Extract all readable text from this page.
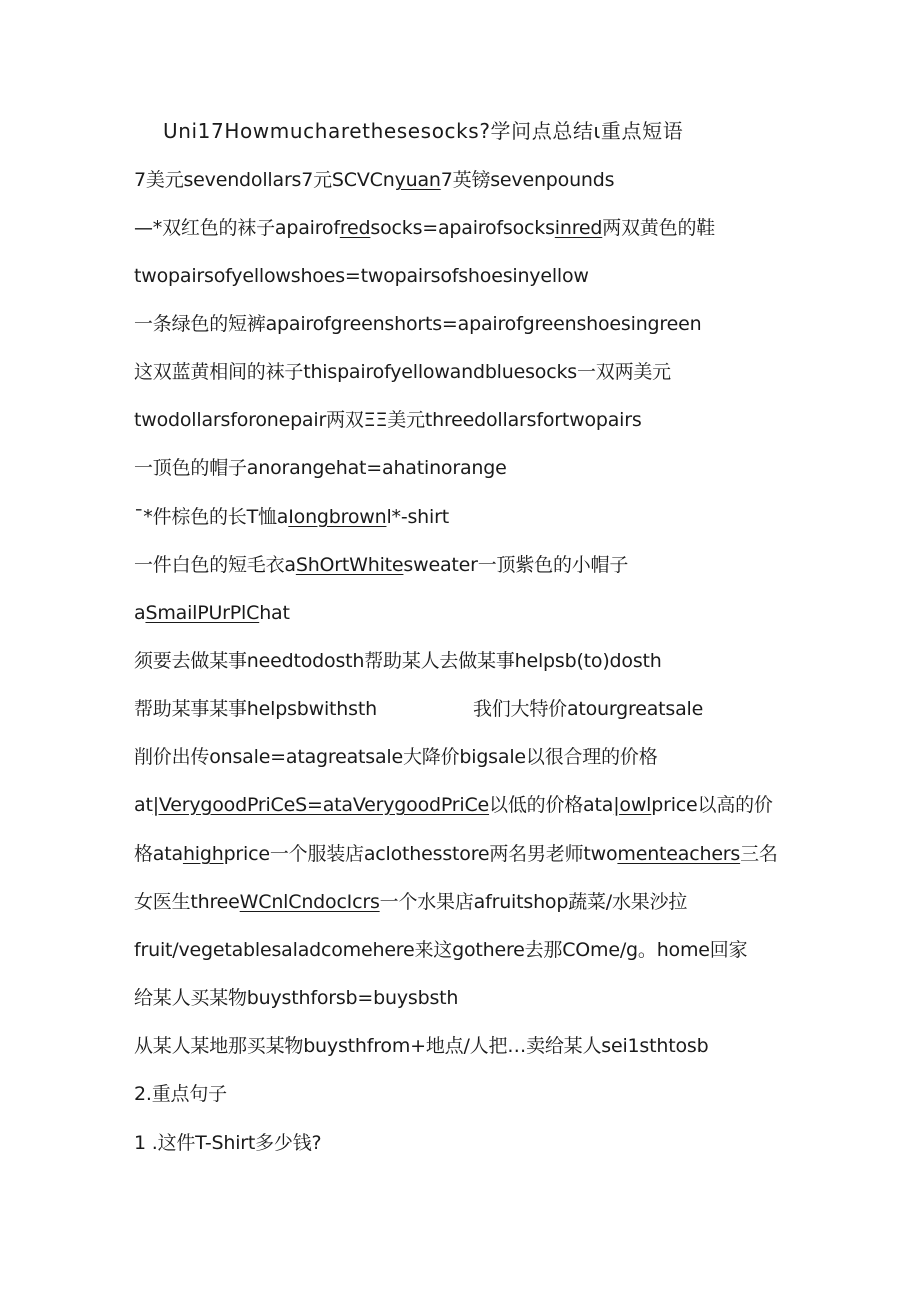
Uni17Howmucharethesesocks?学问点总结ι重点短语
7美元sevendollars7元SCVCnyuan7英镑sevenpounds
—*双红色的袜子apairofredsocks=apairofsocksinred两双黄色的鞋
twopairsofyellowshoes=twopairsofshoesinyellow
一条绿色的短裤apairofgreenshorts=apairofgreenshoesingreen
这双蓝黄相间的袜子thispairofyellowandbluesocks一双两美元
twodollarsforonepair两双ΞΞ美元threedollarsfortwopairs
一顶色的帽子anorangehat=ahatinorange
ˉ*件棕色的长T恤aIongbrownl*-shirt
一件白色的短毛衣aShOrtWhitesweater一顶紫色的小帽子
aSmailPUrPlChat
须要去做某事needtodosth帮助某人去做某事helpsb(to)dosth
帮助某事某事helpsbwithsth	我们大特价atourgreatsale
削价出传onsale=atagreatsale大降价bigsale以很合理的价格
at|VerygoodPriCeS=ataVerygoodPriCe以低的价格ata|owlprice以高的价
格atahighprice一个服装店aclothesstore两名男老师twomenteachers三名
女医生threeWCnlCndocIcrs一个水果店afruitshop蔬菜/水果沙拉
fruit/vegetablesaladcomehere来这gothere去那COme/g。home回家
给某人买某物buysthforsb=buysbsth
从某人某地那买某物buysthfrom+地点/人把…卖给某人sei1sthtosb
2.重点句子
1 .这件T-Shirt多少钱?
